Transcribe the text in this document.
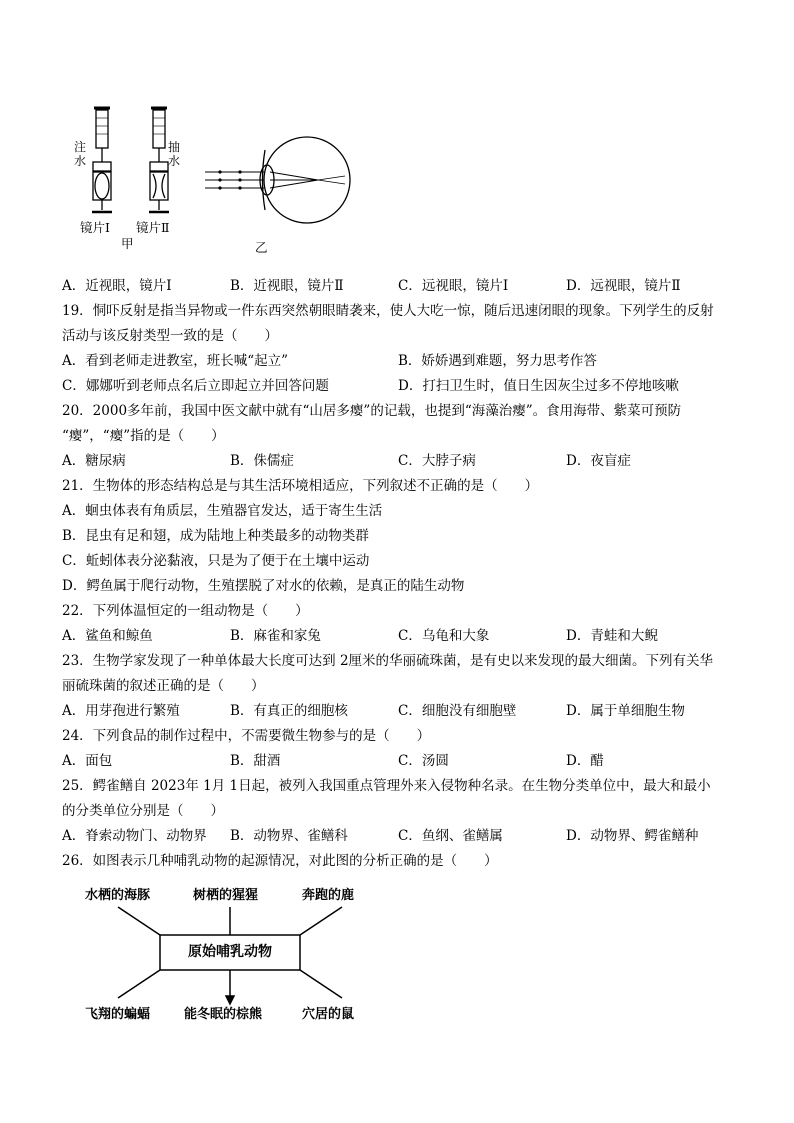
注水
抽水
镜片Ⅰ 镜片Ⅱ
甲	乙
A．近视眼，镜片Ⅰ	B．近视眼，镜片Ⅱ	C．远视眼，镜片Ⅰ	D．远视眼，镜片Ⅱ
19．恫吓反射是指当异物或一件东西突然朝眼睛袭来，使人大吃一惊，随后迅速闭眼的现象。下列学生的反射
活动与该反射类型一致的是（　　）
A．看到老师走进教室，班长喊“起立”	B．娇娇遇到难题，努力思考作答
C．娜娜听到老师点名后立即起立并回答问题	D．打扫卫生时，值日生因灰尘过多不停地咳嗽
20．2000多年前，我国中医文献中就有“山居多瘿”的记载，也提到“海藻治瘿”。食用海带、紫菜可预防
“瘿”，“瘿”指的是（　　）
A．糖尿病	B．侏儒症	C．大脖子病	D．夜盲症
21．生物体的形态结构总是与其生活环境相适应，下列叙述不正确的是（　　）
A．蛔虫体表有角质层，生殖器官发达，适于寄生生活
B．昆虫有足和翅，成为陆地上种类最多的动物类群
C．蚯蚓体表分泌黏液，只是为了便于在土壤中运动
D．鳄鱼属于爬行动物，生殖摆脱了对水的依赖，是真正的陆生动物
22．下列体温恒定的一组动物是（　　）
A．鲨鱼和鲸鱼	B．麻雀和家兔	C．乌龟和大象	D．青蛙和大鲵
23．生物学家发现了一种单体最大长度可达到 2厘米的华丽硫珠菌，是有史以来发现的最大细菌。下列有关华
丽硫珠菌的叙述正确的是（　　）
A．用芽孢进行繁殖	B．有真正的细胞核	C．细胞没有细胞壁	D．属于单细胞生物
24．下列食品的制作过程中，不需要微生物参与的是（　　）
A．面包	B．甜酒	C．汤圆	D．醋
25．鳄雀鳝自 2023年 1月 1日起，被列入我国重点管理外来入侵物种名录。在生物分类单位中，最大和最小
的分类单位分别是（　　）
A．脊索动物门、动物界 B．动物界、雀鳝科	C．鱼纲、雀鳝属	D．动物界、鳄雀鳝种
26．如图表示几种哺乳动物的起源情况，对此图的分析正确的是（　　）
原始哺乳动物
水栖的海豚	树栖的猩猩	奔跑的鹿
飞翔的蝙蝠	能冬眠的棕熊	穴居的鼠
